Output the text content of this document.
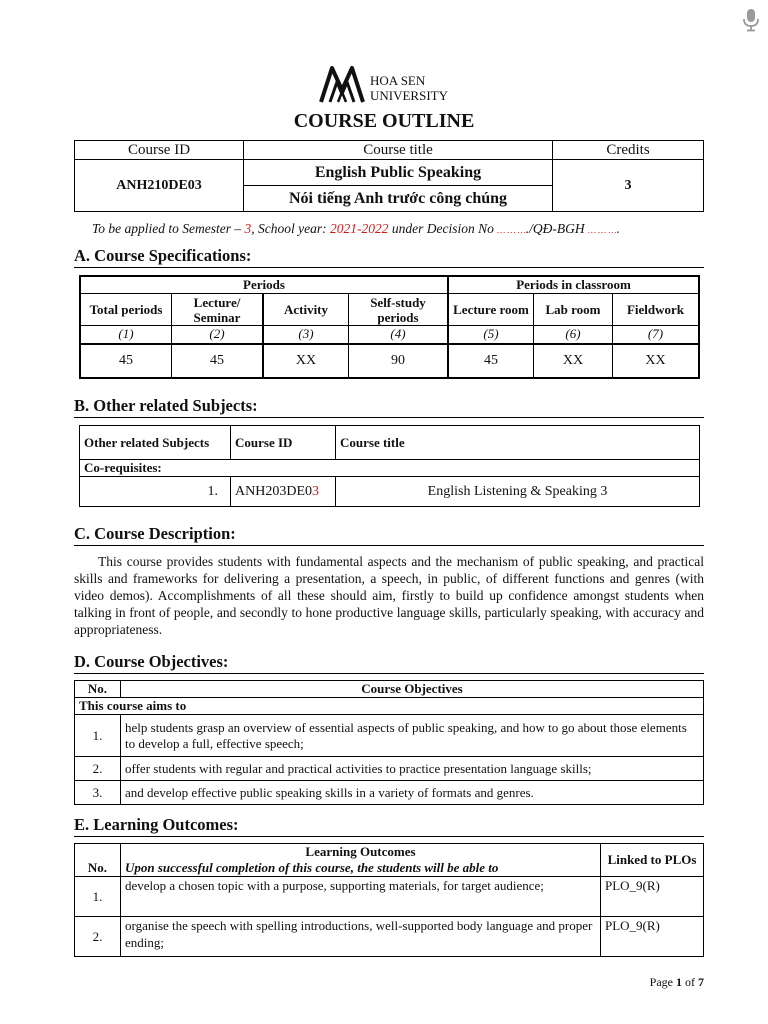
HOA SEN
UNIVERSITY
COURSE OUTLINE
Course ID	Course title	Credits
ANH210DE03	English Public Speaking	3
	Nói tiếng Anh trước công chúng	
To be applied to Semester – 3, School year: 2021-2022 under Decision No … … …./QĐ-BGH … … ….
A. Course Specifications:
Periods				Periods in classroom		
Total periods	Lecture/ Seminar	Activity	Self-study periods	Lecture room	Lab room	Fieldwork
(1)	(2)	(3)	(4)	(5)	(6)	(7)
45	45	XX	90	45	XX	XX
B. Other related Subjects:
Other related Subjects	Course ID	Course title
Co-requisites:		
1.	ANH203DE03	English Listening & Speaking 3
C. Course Description:
This course provides students with fundamental aspects and the mechanism of public speaking, and practical skills and frameworks for delivering a presentation, a speech, in public, of different functions and genres (with video demos). Accomplishments of all these should aim, firstly to build up confidence amongst students when talking in front of people, and secondly to hone productive language skills, particularly speaking, with accuracy and appropriateness.
D. Course Objectives:
No.	Course Objectives
This course aims to	
1.	help students grasp an overview of essential aspects of public speaking, and how to go about those elements to develop a full, effective speech;
2.	offer students with regular and practical activities to practice presentation language skills;
3.	and develop effective public speaking skills in a variety of formats and genres.
E. Learning Outcomes:
No.	Learning Outcomes	Linked to PLOs
	Upon successful completion of this course, the students will be able to	
1.	develop a chosen topic with a purpose, supporting materials, for target audience;	PLO_9(R)
2.	organise the speech with spelling introductions, well-supported body language and proper ending;	PLO_9(R)
Page 1 of 7
